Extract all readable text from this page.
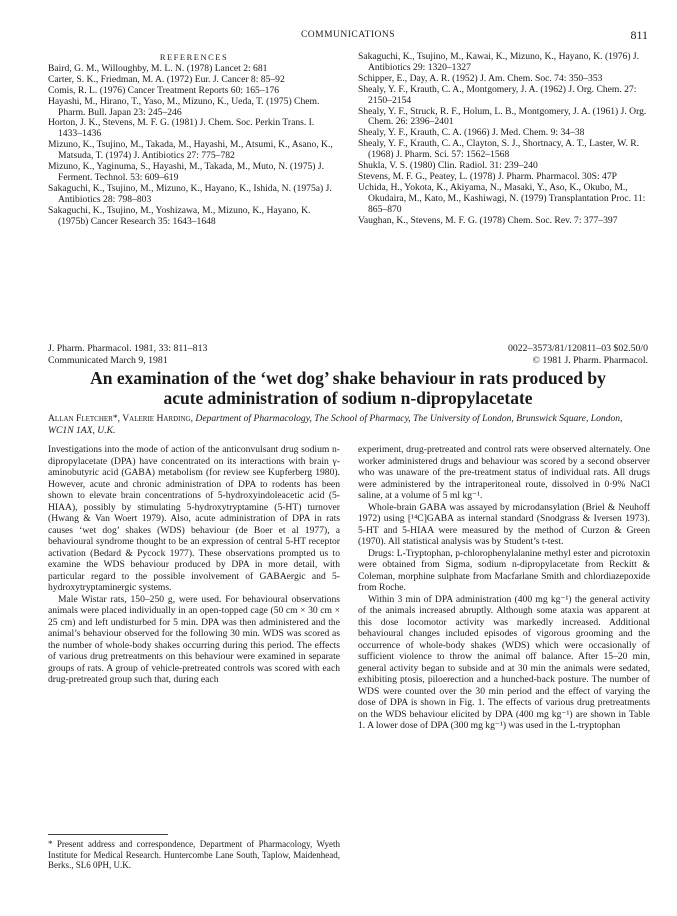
COMMUNICATIONS	811
REFERENCES

Baird, G. M., Willoughby, M. L. N. (1978) Lancet 2: 681

Carter, S. K., Friedman, M. A. (1972) Eur. J. Cancer 8: 85–92

Comis, R. L. (1976) Cancer Treatment Reports 60: 165–176

Hayashi, M., Hirano, T., Yaso, M., Mizuno, K., Ueda, T. (1975) Chem. Pharm. Bull. Japan 23: 245–246

Horton, J. K., Stevens, M. F. G. (1981) J. Chem. Soc. Perkin Trans. I. 1433–1436

Mizuno, K., Tsujino, M., Takada, M., Hayashi, M., Atsumi, K., Asano, K., Matsuda, T. (1974) J. Antibiotics 27: 775–782

Mizuno, K., Yaginuma, S., Hayashi, M., Takada, M., Muto, N. (1975) J. Ferment. Technol. 53: 609–619

Sakaguchi, K., Tsujino, M., Mizuno, K., Hayano, K., Ishida, N. (1975a) J. Antibiotics 28: 798–803

Sakaguchi, K., Tsujino, M., Yoshizawa, M., Mizuno, K., Hayano, K. (1975b) Cancer Research 35: 1643–1648

Sakaguchi, K., Tsujino, M., Kawai, K., Mizuno, K., Hayano, K. (1976) J. Antibiotics 29: 1320–1327

Schipper, E., Day, A. R. (1952) J. Am. Chem. Soc. 74: 350–353

Shealy, Y. F., Krauth, C. A., Montgomery, J. A. (1962) J. Org. Chem. 27: 2150–2154

Shealy, Y. F., Struck, R. F., Holum, L. B., Montgomery, J. A. (1961) J. Org. Chem. 26: 2396–2401

Shealy, Y. F., Krauth, C. A. (1966) J. Med. Chem. 9: 34–38

Shealy, Y. F., Krauth, C. A., Clayton, S. J., Shortnacy, A. T., Laster, W. R. (1968) J. Pharm. Sci. 57: 1562–1568

Shukla, V. S. (1980) Clin. Radiol. 31: 239–240

Stevens, M. F. G., Peatey, L. (1978) J. Pharm. Pharmacol. 30S: 47P

Uchida, H., Yokota, K., Akiyama, N., Masaki, Y., Aso, K., Okubo, M., Okudaira, M., Kato, M., Kashiwagi, N. (1979) Transplantation Proc. 11: 865–870

Vaughan, K., Stevens, M. F. G. (1978) Chem. Soc. Rev. 7: 377–397

J. Pharm. Pharmacol. 1981, 33: 811–813
Communicated March 9, 1981
0022–3573/81/120811–03 $02.50/0
© 1981 J. Pharm. Pharmacol.
An examination of the ‘wet dog’ shake behaviour in rats produced by
acute administration of sodium n-dipropylacetate
Allan Fletcher*, Valerie Harding, Department of Pharmacology, The School of Pharmacy, The University of London, Brunswick Square, London, WC1N 1AX, U.K.

Investigations into the mode of action of the anticonvulsant drug sodium n-dipropylacetate (DPA) have concentrated on its interactions with brain γ-aminobutyric acid (GABA) metabolism (for review see Kupferberg 1980). However, acute and chronic administration of DPA to rodents has been shown to elevate brain concentrations of 5-hydroxyindoleacetic acid (5-HIAA), possibly by stimulating 5-hydroxytryptamine (5-HT) turnover (Hwang & Van Woert 1979). Also, acute administration of DPA in rats causes ‘wet dog’ shakes (WDS) behaviour (de Boer et al 1977), a behavioural syndrome thought to be an expression of central 5-HT receptor activation (Bedard & Pycock 1977). These observations prompted us to examine the WDS behaviour produced by DPA in more detail, with particular regard to the possible involvement of GABAergic and 5-hydroxytryptaminergic systems.

Male Wistar rats, 150–250 g, were used. For behavioural observations animals were placed individually in an open-topped cage (50 cm × 30 cm × 25 cm) and left undisturbed for 5 min. DPA was then administered and the animal’s behaviour observed for the following 30 min. WDS was scored as the number of whole-body shakes occurring during this period. The effects of various drug pretreatments on this behaviour were examined in separate groups of rats. A group of vehicle-pretreated controls was scored with each drug-pretreated group such that, during each

* Present address and correspondence, Department of Pharmacology, Wyeth Institute for Medical Research. Huntercombe Lane South, Taplow, Maidenhead, Berks., SL6 0PH, U.K.

experiment, drug-pretreated and control rats were observed alternately. One worker administered drugs and behaviour was scored by a second observer who was unaware of the pre-treatment status of individual rats. All drugs were administered by the intraperitoneal route, dissolved in 0·9% NaCl saline, at a volume of 5 ml kg⁻¹.

Whole-brain GABA was assayed by microdansylation (Briel & Neuhoff 1972) using [¹⁴C]GABA as internal standard (Snodgrass & Iversen 1973). 5-HT and 5-HIAA were measured by the method of Curzon & Green (1970). All statistical analysis was by Student’s t-test.

Drugs: L-Tryptophan, p-chlorophenylalanine methyl ester and picrotoxin were obtained from Sigma, sodium n-dipropylacetate from Reckitt & Coleman, morphine sulphate from Macfarlane Smith and chlordiazepoxide from Roche.

Within 3 min of DPA administration (400 mg kg⁻¹) the general activity of the animals increased abruptly. Although some ataxia was apparent at this dose locomotor activity was markedly increased. Additional behavioural changes included episodes of vigorous grooming and the occurrence of whole-body shakes (WDS) which were occasionally of sufficient violence to throw the animal off balance. After 15–20 min, general activity began to subside and at 30 min the animals were sedated, exhibiting ptosis, piloerection and a hunched-back posture. The number of WDS were counted over the 30 min period and the effect of varying the dose of DPA is shown in Fig. 1. The effects of various drug pretreatments on the WDS behaviour elicited by DPA (400 mg kg⁻¹) are shown in Table 1. A lower dose of DPA (300 mg kg⁻¹) was used in the L-tryptophan
